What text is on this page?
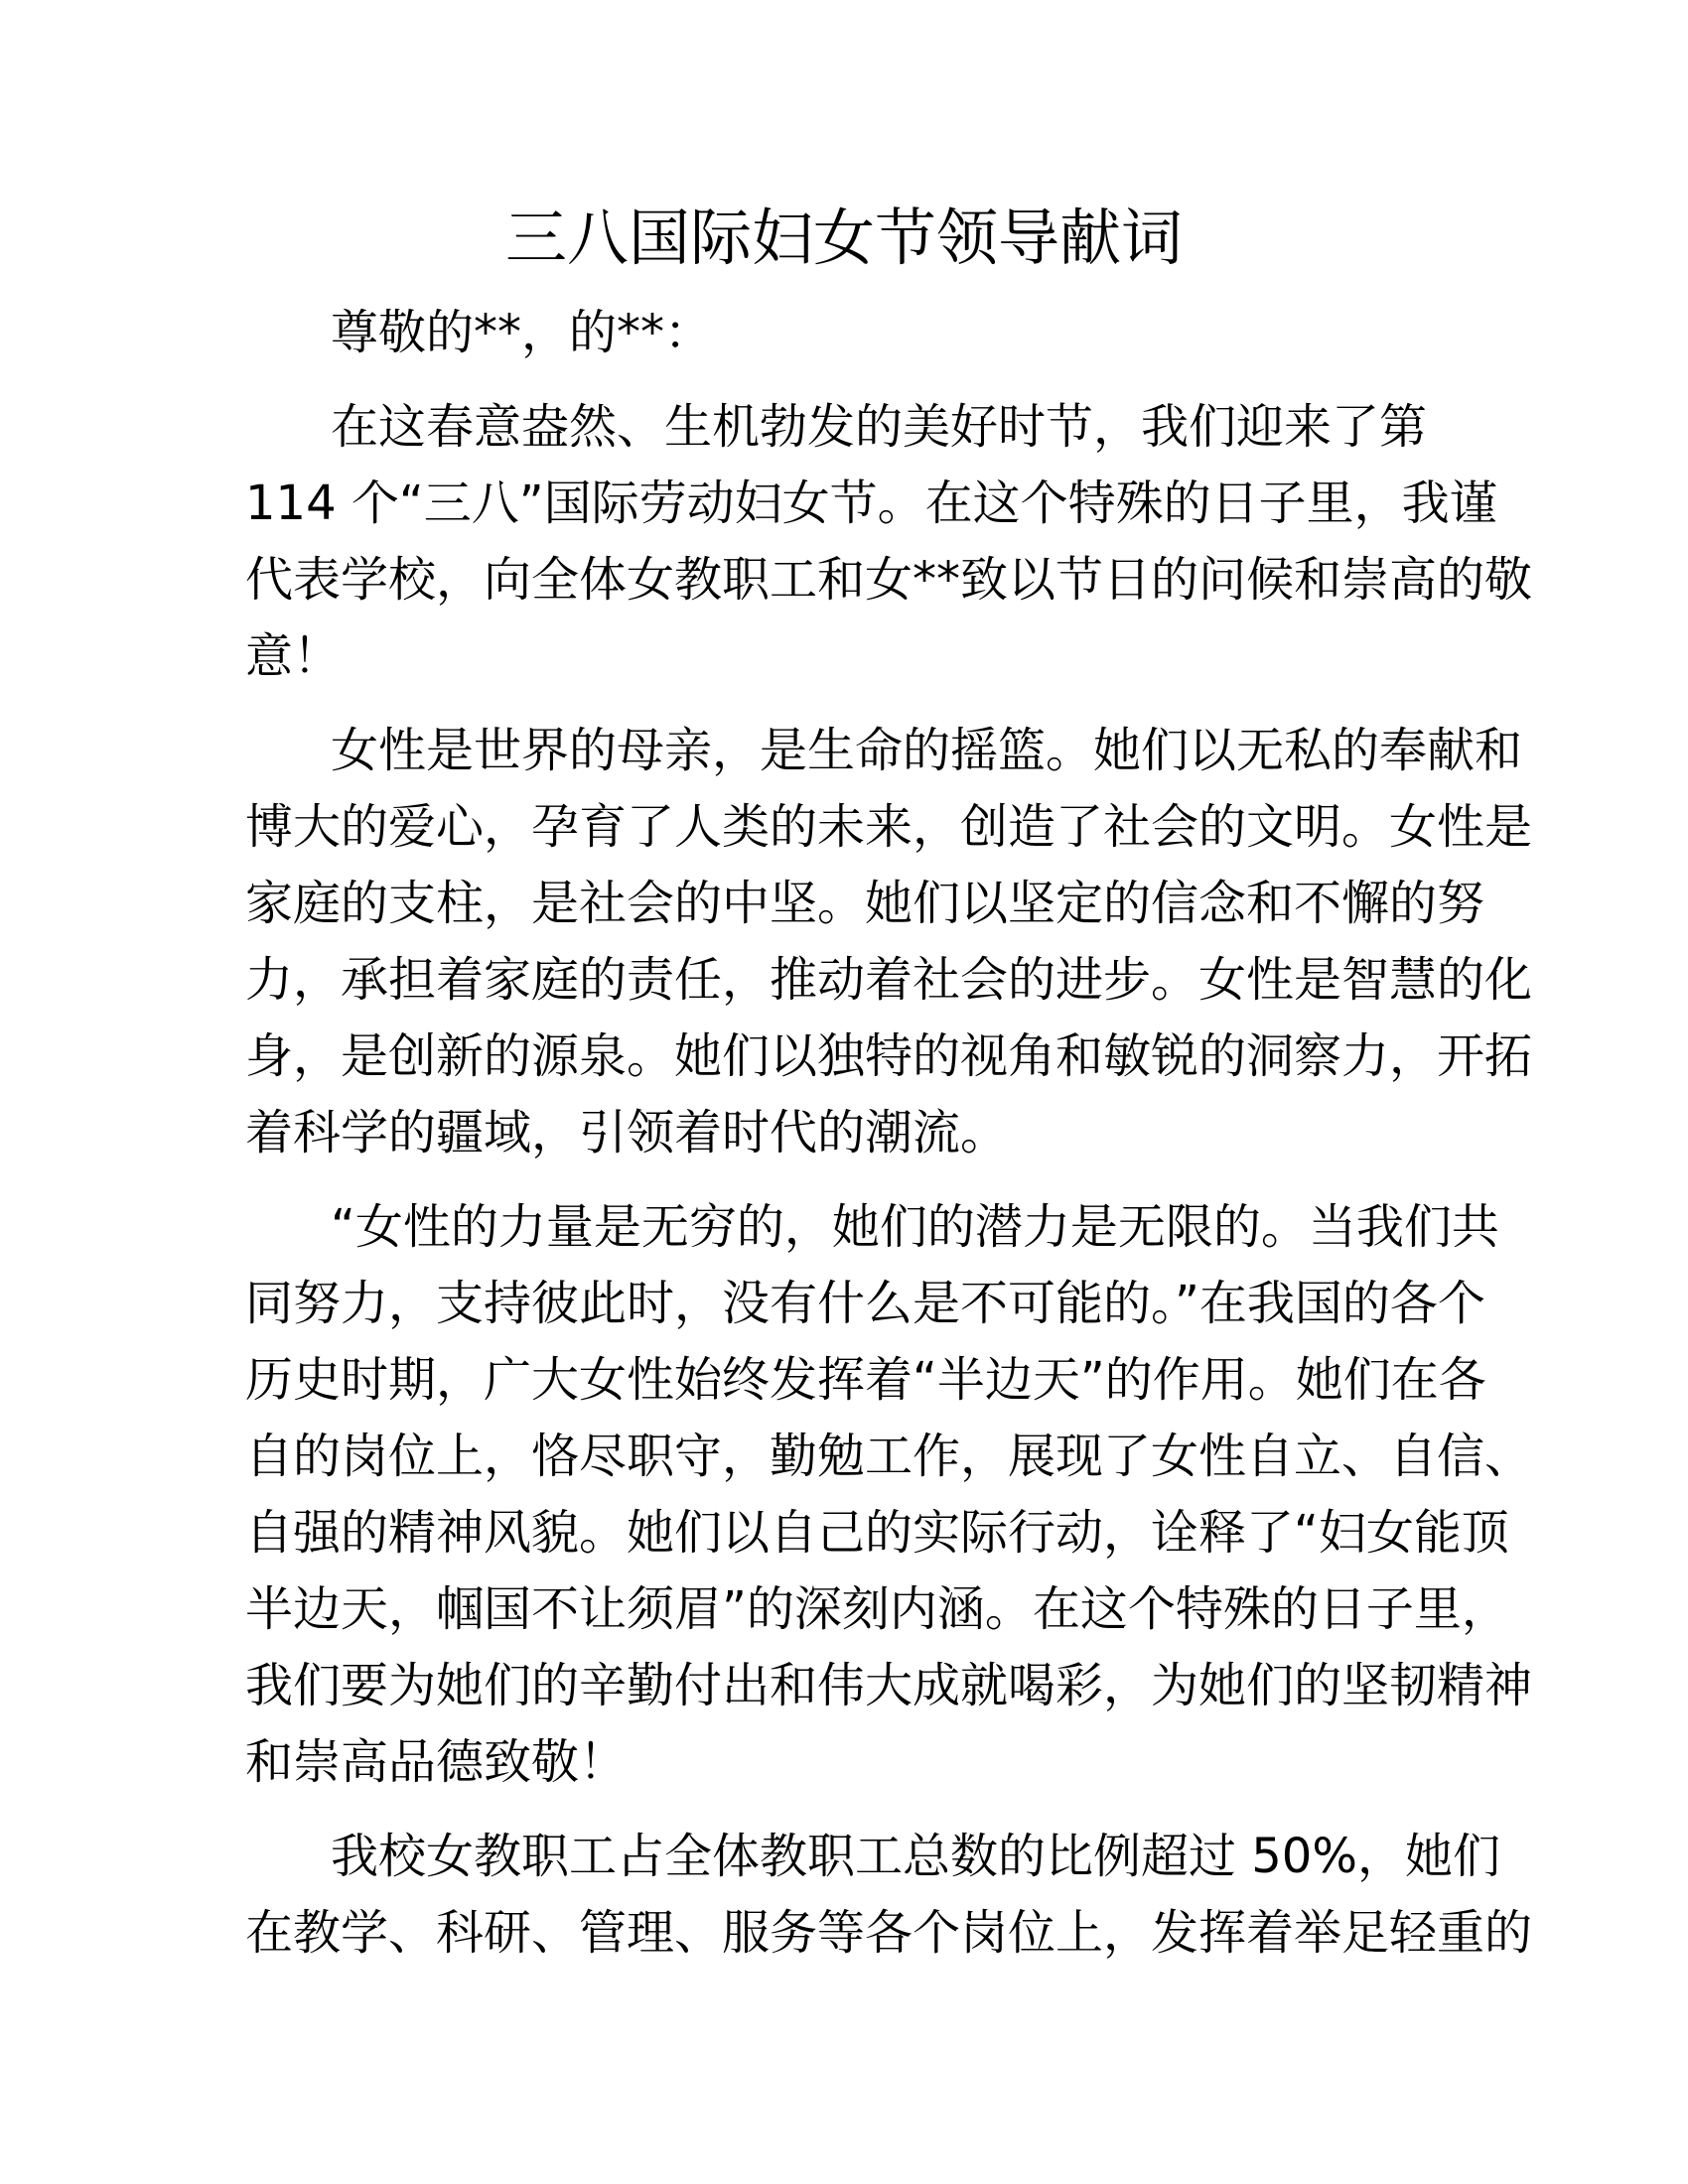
三八国际妇女节领导献词
尊敬的**，的**：
在这春意盎然、生机勃发的美好时节，我们迎来了第
114 个“三八”国际劳动妇女节。在这个特殊的日子里，我谨
代表学校，向全体女教职工和女**致以节日的问候和崇高的敬
意！
女性是世界的母亲，是生命的摇篮。她们以无私的奉献和
博大的爱心，孕育了人类的未来，创造了社会的文明。女性是
家庭的支柱，是社会的中坚。她们以坚定的信念和不懈的努
力，承担着家庭的责任，推动着社会的进步。女性是智慧的化
身，是创新的源泉。她们以独特的视角和敏锐的洞察力，开拓
着科学的疆域，引领着时代的潮流。
“女性的力量是无穷的，她们的潜力是无限的。当我们共
同努力，支持彼此时，没有什么是不可能的。”在我国的各个
历史时期，广大女性始终发挥着“半边天”的作用。她们在各
自的岗位上，恪尽职守，勤勉工作，展现了女性自立、自信、
自强的精神风貌。她们以自己的实际行动，诠释了“妇女能顶
半边天，帼国不让须眉”的深刻内涵。在这个特殊的日子里，
我们要为她们的辛勤付出和伟大成就喝彩，为她们的坚韧精神
和崇高品德致敬！
我校女教职工占全体教职工总数的比例超过 50%，她们
在教学、科研、管理、服务等各个岗位上，发挥着举足轻重的
